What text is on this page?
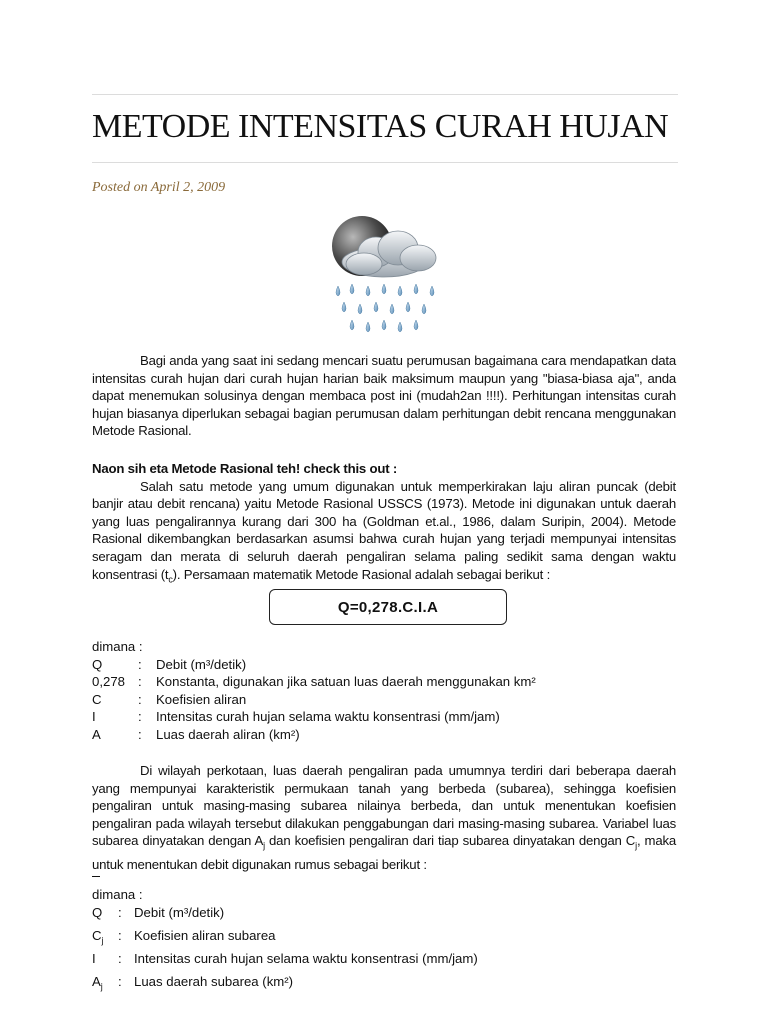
METODE INTENSITAS CURAH HUJAN
Posted on April 2, 2009

Bagi anda yang saat ini sedang mencari suatu perumusan bagaimana cara mendapatkan data intensitas curah hujan dari curah hujan harian baik maksimum maupun yang "biasa-biasa aja", anda dapat menemukan solusinya dengan membaca post ini (mudah2an !!!!). Perhitungan intensitas curah hujan biasanya diperlukan sebagai bagian perumusan dalam perhitungan debit rencana menggunakan Metode Rasional.

Naon sih eta Metode Rasional teh! check this out :

Salah satu metode yang umum digunakan untuk memperkirakan laju aliran puncak (debit banjir atau debit rencana) yaitu Metode Rasional USSCS (1973). Metode ini digunakan untuk daerah yang luas pengalirannya kurang dari 300 ha (Goldman et.al., 1986, dalam Suripin, 2004). Metode Rasional dikembangkan berdasarkan asumsi bahwa curah hujan yang terjadi mempunyai intensitas seragam dan merata di seluruh daerah pengaliran selama paling sedikit sama dengan waktu konsentrasi $(t_c)$. Persamaan matematik Metode Rasional adalah sebagai berikut :

Q=0,278.C.I.A
dimana :
Q	:	Debit (m³/detik)
0,278 :	Konstanta, digunakan jika satuan luas daerah menggunakan km²
C	:	Koefisien aliran
I	:	Intensitas curah hujan selama waktu konsentrasi (mm/jam)
A	:	Luas daerah aliran (km²)

Di wilayah perkotaan, luas daerah pengaliran pada umumnya terdiri dari beberapa daerah yang mempunyai karakteristik permukaan tanah yang berbeda (subarea), sehingga koefisien pengaliran untuk masing-masing subarea nilainya berbeda, dan untuk menentukan koefisien pengaliran pada wilayah tersebut dilakukan penggabungan dari masing-masing subarea. Variabel luas subarea dinyatakan dengan $A_j$ dan koefisien pengaliran dari tiap subarea dinyatakan dengan $C_j$, maka untuk menentukan debit digunakan rumus sebagai berikut :

dimana :
Q	: Debit (m³/detik)
$C_j$	: Koefisien aliran subarea
I	: Intensitas curah hujan selama waktu konsentrasi (mm/jam)
$A_j$	: Luas daerah subarea (km²)
